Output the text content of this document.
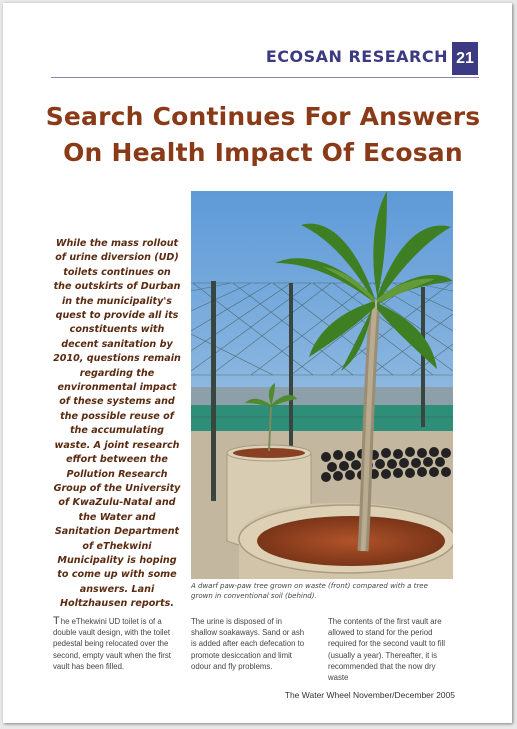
ECOSAN RESEARCH 21
Search Continues For Answers
On Health Impact Of Ecosan
While the mass rollout of urine diversion (UD) toilets continues on the outskirts of Durban in the municipality's quest to provide all its constituents with decent sanitation by 2010, questions remain regarding the environmental impact of these systems and the possible reuse of the accumulating waste. A joint research effort between the Pollution Research Group of the University of KwaZulu-Natal and the Water and Sanitation Department of eThekwini Municipality is hoping to come up with some answers. Lani Holtzhausen reports.
A dwarf paw-paw tree grown on waste (front) compared with a tree grown in conventional soil (behind).
T he eThekwini UD toilet is of a double vault design, with the toilet pedestal being relocated over the second, empty vault when the first vault has been filled.
The urine is disposed of in shallow soakaways. Sand or ash is added after each defecation to promote desiccation and limit odour and fly problems.
The contents of the first vault are allowed to stand for the period required for the second vault to fill (usually a year). Thereafter, it is recommended that the now dry waste
The Water Wheel November/December 2005
